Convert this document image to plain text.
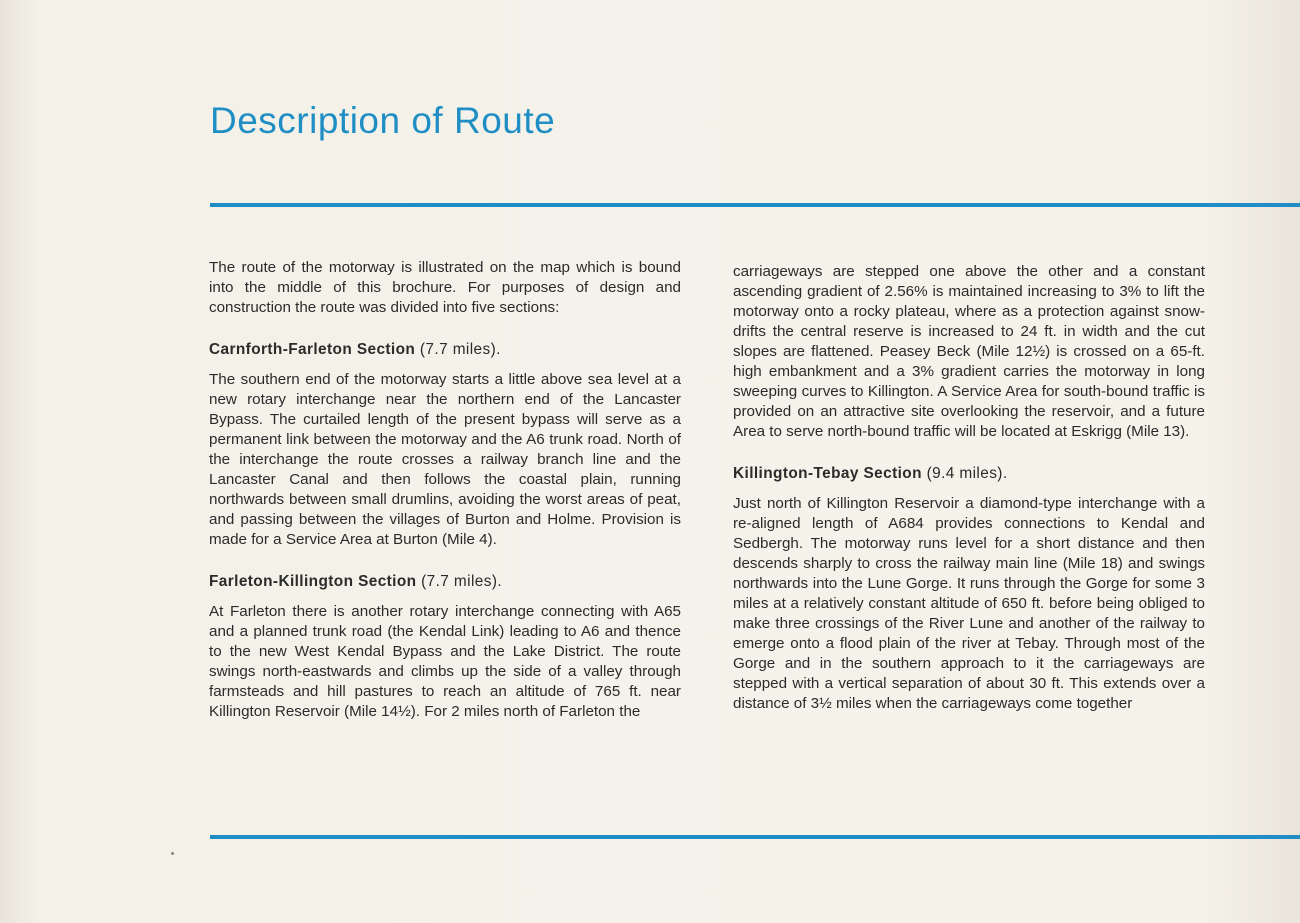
Description of Route

The route of the motorway is illustrated on the map which is bound into the middle of this brochure. For purposes of design and construction the route was divided into five sections:

Carnforth-Farleton Section (7.7 miles).

The southern end of the motorway starts a little above sea level at a new rotary interchange near the northern end of the Lancaster Bypass. The curtailed length of the present bypass will serve as a permanent link between the motorway and the A6 trunk road. North of the interchange the route crosses a railway branch line and the Lancaster Canal and then follows the coastal plain, running northwards between small drumlins, avoiding the worst areas of peat, and passing between the villages of Burton and Holme. Provision is made for a Service Area at Burton (Mile 4).

Farleton-Killington Section (7.7 miles).

At Farleton there is another rotary interchange connecting with A65 and a planned trunk road (the Kendal Link) leading to A6 and thence to the new West Kendal Bypass and the Lake District. The route swings north-eastwards and climbs up the side of a valley through farmsteads and hill pastures to reach an altitude of 765 ft. near Killington Reservoir (Mile 14½). For 2 miles north of Farleton the

carriageways are stepped one above the other and a constant ascending gradient of 2.56% is maintained increasing to 3% to lift the motorway onto a rocky plateau, where as a protection against snow-drifts the central reserve is increased to 24 ft. in width and the cut slopes are flattened. Peasey Beck (Mile 12½) is crossed on a 65-ft. high embankment and a 3% gradient carries the motorway in long sweeping curves to Killington. A Service Area for south-bound traffic is provided on an attractive site overlooking the reservoir, and a future Area to serve north-bound traffic will be located at Eskrigg (Mile 13).

Killington-Tebay Section (9.4 miles).

Just north of Killington Reservoir a diamond-type interchange with a re-aligned length of A684 provides connections to Kendal and Sedbergh. The motorway runs level for a short distance and then descends sharply to cross the railway main line (Mile 18) and swings northwards into the Lune Gorge. It runs through the Gorge for some 3 miles at a relatively constant altitude of 650 ft. before being obliged to make three crossings of the River Lune and another of the railway to emerge onto a flood plain of the river at Tebay. Through most of the Gorge and in the southern approach to it the carriageways are stepped with a vertical separation of about 30 ft. This extends over a distance of 3½ miles when the carriageways come together
